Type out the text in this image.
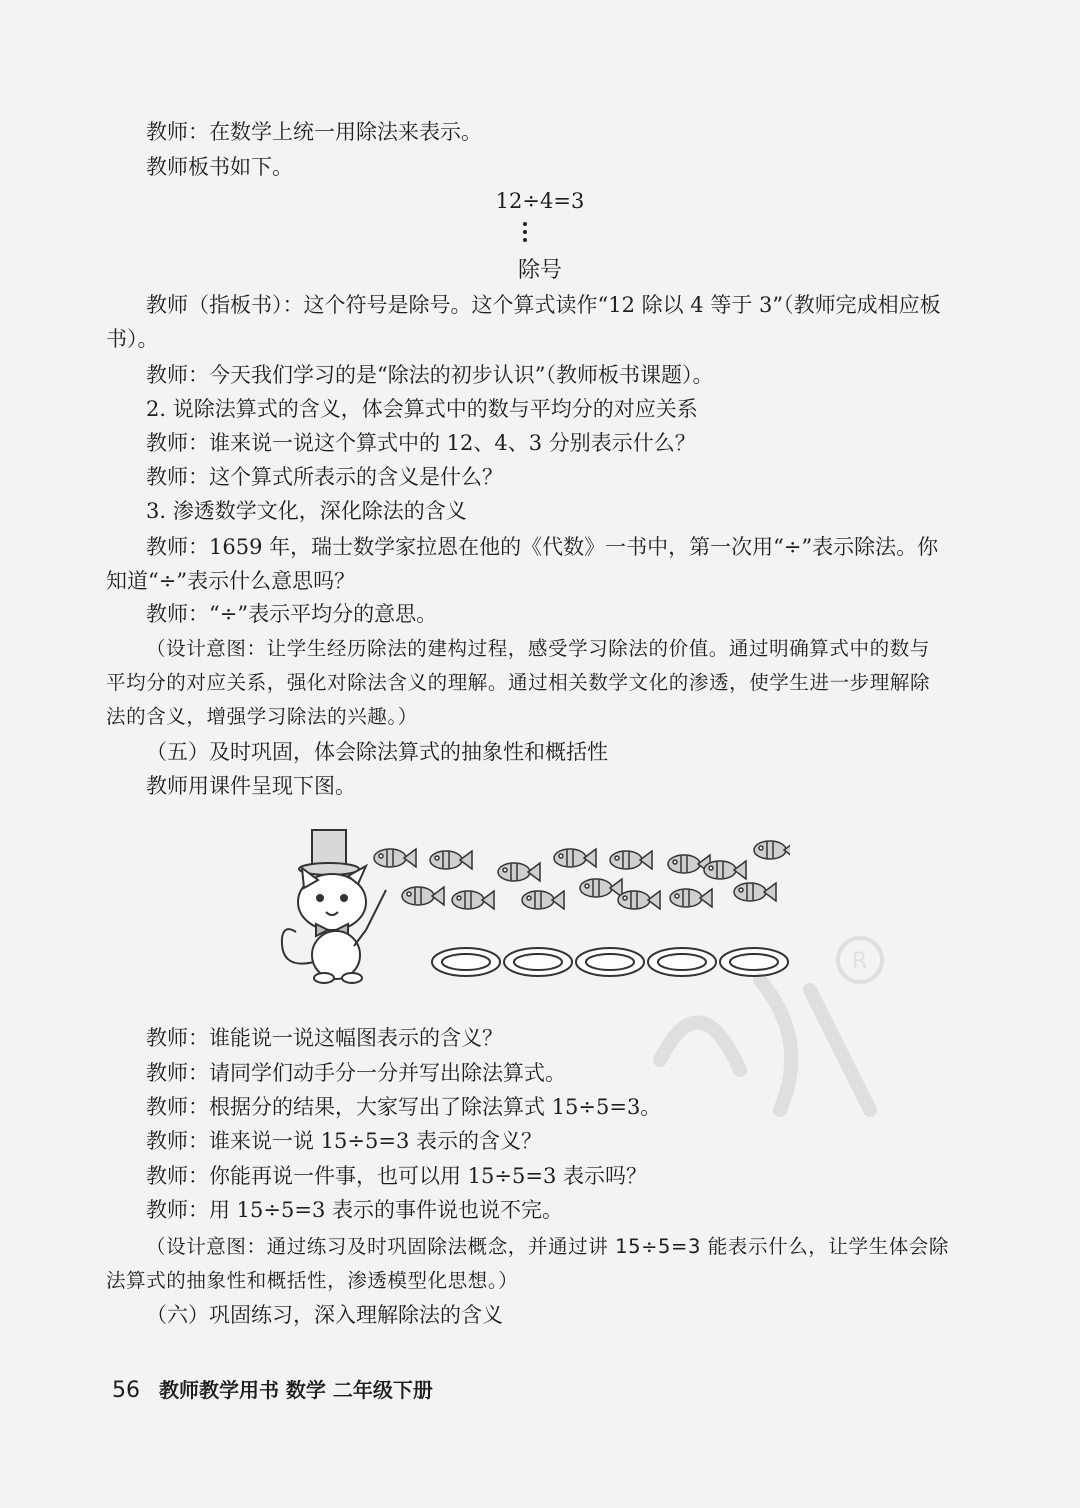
教师：在数学上统一用除法来表示。
教师板书如下。
12÷4=3
除号
教师（指板书）：这个符号是除号。这个算式读作“12 除以 4 等于 3”（教师完成相应板
书）。
教师：今天我们学习的是“除法的初步认识”（教师板书课题）。
2. 说除法算式的含义，体会算式中的数与平均分的对应关系
教师：谁来说一说这个算式中的 12、4、3 分别表示什么？
教师：这个算式所表示的含义是什么？
3. 渗透数学文化，深化除法的含义
教师：1659 年，瑞士数学家拉恩在他的《代数》一书中，第一次用“÷”表示除法。你
知道“÷”表示什么意思吗？
教师：“÷”表示平均分的意思。
（设计意图：让学生经历除法的建构过程，感受学习除法的价值。通过明确算式中的数与
平均分的对应关系，强化对除法含义的理解。通过相关数学文化的渗透，使学生进一步理解除
法的含义，增强学习除法的兴趣。）
（五）及时巩固，体会除法算式的抽象性和概括性
教师用课件呈现下图。
R
教师：谁能说一说这幅图表示的含义？
教师：请同学们动手分一分并写出除法算式。
教师：根据分的结果，大家写出了除法算式 15÷5=3。
教师：谁来说一说 15÷5=3 表示的含义？
教师：你能再说一件事，也可以用 15÷5=3 表示吗？
教师：用 15÷5=3 表示的事件说也说不完。
（设计意图：通过练习及时巩固除法概念，并通过讲 15÷5=3 能表示什么，让学生体会除
法算式的抽象性和概括性，渗透模型化思想。）
（六）巩固练习，深入理解除法的含义
56 教师教学用书 数学 二年级下册
